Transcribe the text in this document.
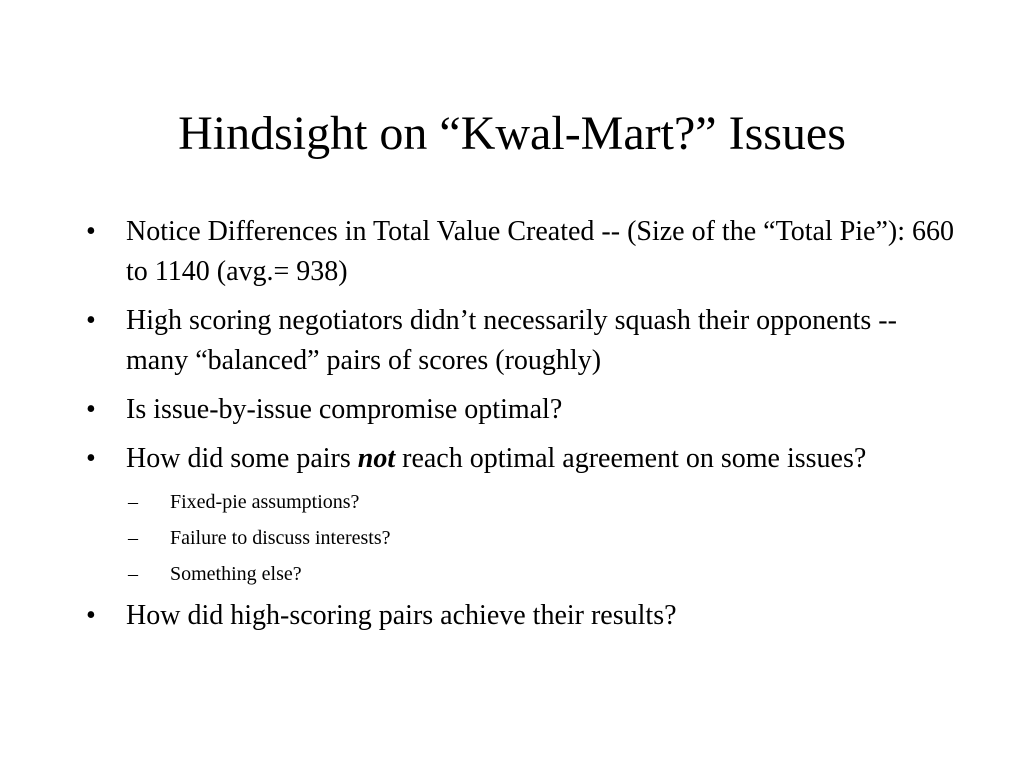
Hindsight on “Kwal-Mart?” Issues
• Notice Differences in Total Value Created -- (Size of the “Total Pie”): 660 to 1140 (avg.= 938)
• High scoring negotiators didn’t necessarily squash their opponents -- many “balanced” pairs of scores (roughly)
• Is issue-by-issue compromise optimal?
• How did some pairs not reach optimal agreement on some issues?
– Fixed-pie assumptions?
– Failure to discuss interests?
– Something else?
• How did high-scoring pairs achieve their results?
